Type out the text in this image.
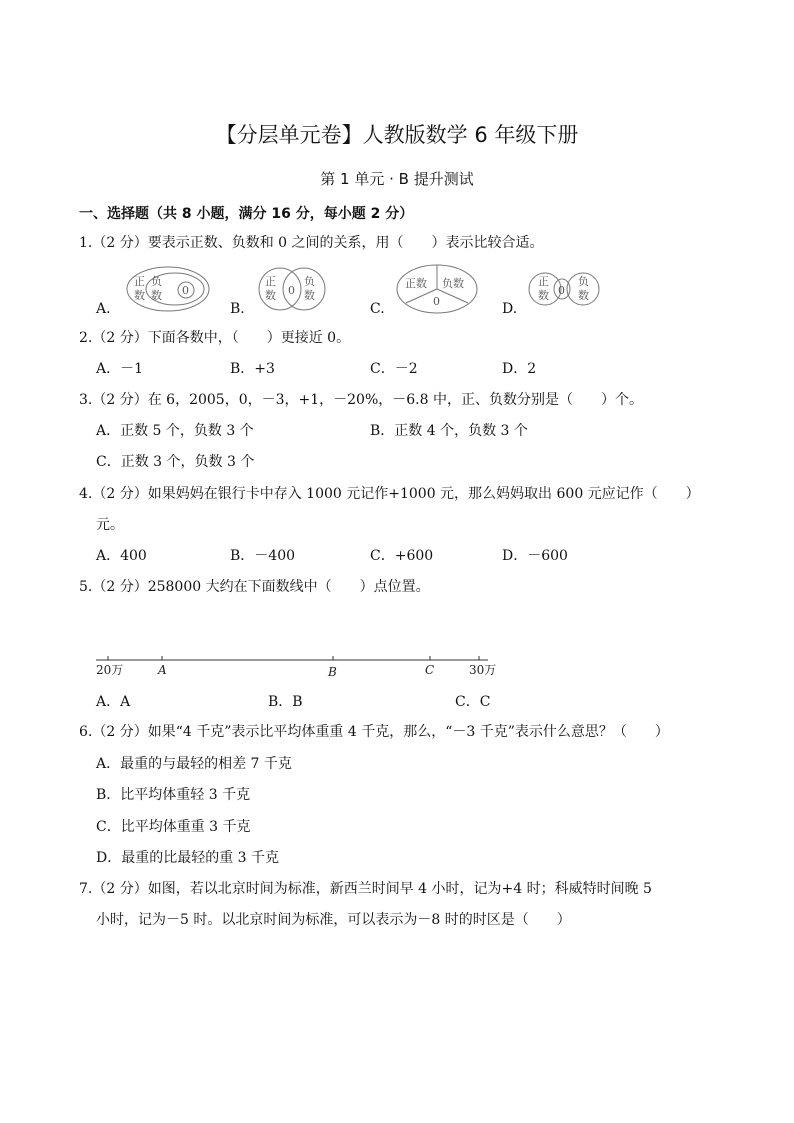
【分层单元卷】人教版数学 6 年级下册
第 1 单元 · B 提升测试
一、选择题（共 8 小题，满分 16 分，每小题 2 分）
1.（2 分）要表示正数、负数和 0 之间的关系，用（　　）表示比较合适。
A.	B.	C.	D.
正
数
负
数 0
正
数 0
负
数
正数 负数
0
正
数 0
负
数
2.（2 分）下面各数中，（　　）更接近 0。
A．－1	B．+3	C．－2	D．2
3.（2 分）在 6，2005，0，－3，+1，－20%，－6.8 中，正、负数分别是（　　）个。
A．正数 5 个，负数 3 个	B．正数 4 个，负数 3 个
C．正数 3 个，负数 3 个
4.（2 分）如果妈妈在银行卡中存入 1000 元记作+1000 元，那么妈妈取出 600 元应记作（　　）
元。
A．400	B．－400	C．+600	D．－600
5.（2 分）258000 大约在下面数线中（　　）点位置。
20万	A	B	C	30万
A．A	B．B	C．C
6.（2 分）如果“4 千克”表示比平均体重重 4 千克，那么，“－3 千克”表示什么意思？（　　）
A．最重的与最轻的相差 7 千克
B．比平均体重轻 3 千克
C．比平均体重重 3 千克
D．最重的比最轻的重 3 千克
7.（2 分）如图，若以北京时间为标准，新西兰时间早 4 小时，记为+4 时；科威特时间晚 5
小时，记为－5 时。以北京时间为标准，可以表示为－8 时的时区是（　　）
